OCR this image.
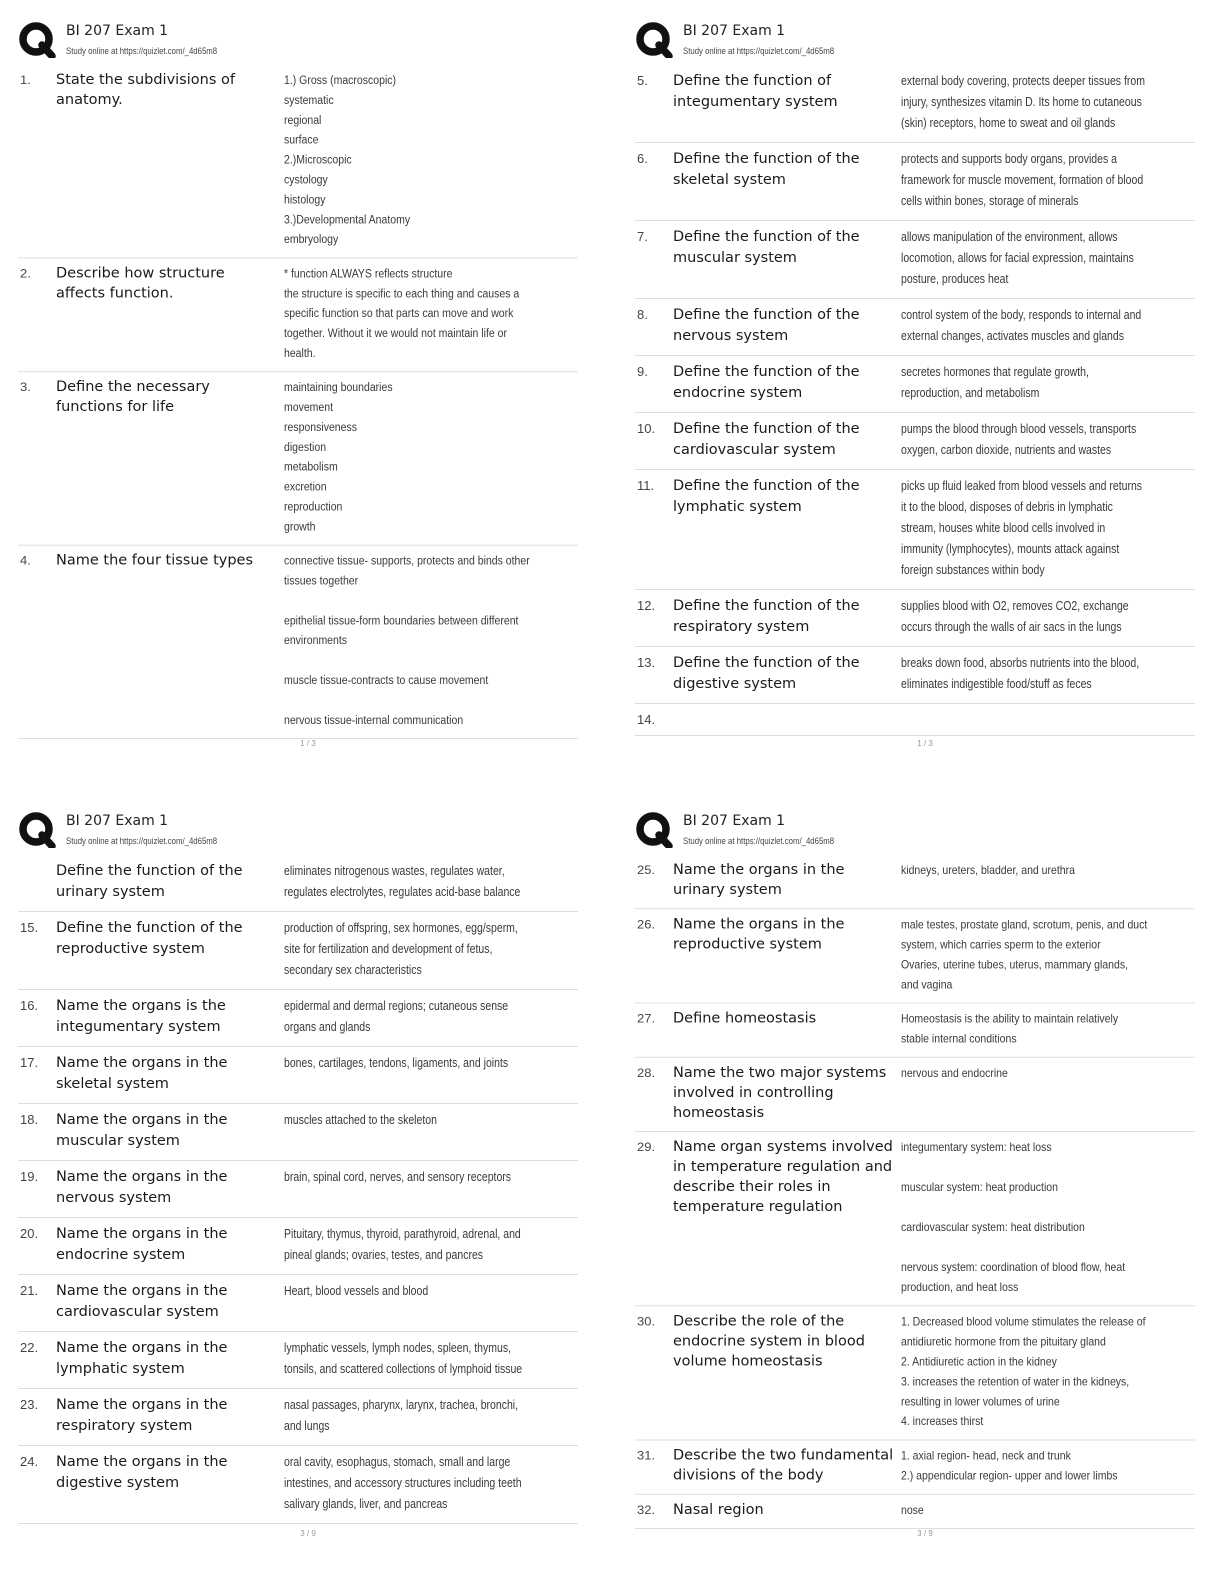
BI 207 Exam 1
Study online at https://quizlet.com/_4d65m8
1.	State the subdivisions of anatomy.
1.) Gross (macroscopic)
systematic
regional
surface
2.)Microscopic
cystology
histology
3.)Developmental Anatomy
embryology
2.	Describe how structure affects function.
* function ALWAYS reflects structure
the structure is specific to each thing and causes a specific function so that parts can move and work together. Without it we would not maintain life or health.
3.	Define the necessary functions for life
maintaining boundaries
movement
responsiveness
digestion
metabolism
excretion
reproduction
growth
4.	Name the four tissue types	connective tissue- supports, protects and binds other tissues together

epithelial tissue-form boundaries between different environments

muscle tissue-contracts to cause movement

nervous tissue-internal communication
1 / 3
BI 207 Exam 1
Study online at https://quizlet.com/_4d65m8
5.	Define the function of integumentary system
external body covering, protects deeper tissues from injury, synthesizes vitamin D. Its home to cutaneous (skin) receptors, home to sweat and oil glands
6.	Define the function of the skeletal system
protects and supports body organs, provides a framework for muscle movement, formation of blood cells within bones, storage of minerals
7.	Define the function of the muscular system
allows manipulation of the environment, allows locomotion, allows for facial expression, maintains posture, produces heat
8.	Define the function of the nervous system
control system of the body, responds to internal and external changes, activates muscles and glands
9.	Define the function of the endocrine system
secretes hormones that regulate growth, reproduction, and metabolism
10.	Define the function of the cardiovascular system
pumps the blood through blood vessels, transports oxygen, carbon dioxide, nutrients and wastes
11.	Define the function of the lymphatic system
picks up fluid leaked from blood vessels and returns it to the blood, disposes of debris in lymphatic stream, houses white blood cells involved in immunity (lymphocytes), mounts attack against foreign substances within body
12.	Define the function of the respiratory system
supplies blood with O2, removes CO2, exchange occurs through the walls of air sacs in the lungs
13.	Define the function of the digestive system
breaks down food, absorbs nutrients into the blood, eliminates indigestible food/stuff as feces
14.
1 / 3
BI 207 Exam 1
Study online at https://quizlet.com/_4d65m8
Define the function of the urinary system
eliminates nitrogenous wastes, regulates water, regulates electrolytes, regulates acid-base balance
15.	Define the function of the reproductive system
production of offspring, sex hormones, egg/sperm, site for fertilization and development of fetus, secondary sex characteristics
16.	Name the organs is the integumentary system
epidermal and dermal regions; cutaneous sense organs and glands
17.	Name the organs in the skeletal system
bones, cartilages, tendons, ligaments, and joints
18.	Name the organs in the muscular system
muscles attached to the skeleton
19.	Name the organs in the nervous system
brain, spinal cord, nerves, and sensory receptors
20.	Name the organs in the endocrine system
Pituitary, thymus, thyroid, parathyroid, adrenal, and pineal glands; ovaries, testes, and pancres
21.	Name the organs in the cardiovascular system
Heart, blood vessels and blood
22.	Name the organs in the lymphatic system
lymphatic vessels, lymph nodes, spleen, thymus, tonsils, and scattered collections of lymphoid tissue
23.	Name the organs in the respiratory system
nasal passages, pharynx, larynx, trachea, bronchi, and lungs
24.	Name the organs in the digestive system
oral cavity, esophagus, stomach, small and large intestines, and accessory structures including teeth salivary glands, liver, and pancreas
3 / 9
BI 207 Exam 1
Study online at https://quizlet.com/_4d65m8
25.	Name the organs in the urinary system
kidneys, ureters, bladder, and urethra
26.	Name the organs in the reproductive system
male testes, prostate gland, scrotum, penis, and duct system, which carries sperm to the exterior
Ovaries, uterine tubes, uterus, mammary glands, and vagina
27.	Define homeostasis	Homeostasis is the ability to maintain relatively stable internal conditions
28.	Name the two major systems involved in controlling homeostasis
nervous and endocrine
29.	Name organ systems involved in temperature regulation and describe their roles in temperature regulation
integumentary system: heat loss

muscular system: heat production

cardiovascular system: heat distribution

nervous system: coordination of blood flow, heat production, and heat loss
30.	Describe the role of the endocrine system in blood volume homeostasis
1. Decreased blood volume stimulates the release of antidiuretic hormone from the pituitary gland
2. Antidiuretic action in the kidney
3. increases the retention of water in the kidneys, resulting in lower volumes of urine
4. increases thirst
31.	Describe the two fundamental divisions of the body
1. axial region- head, neck and trunk
2.) appendicular region- upper and lower limbs
32.	Nasal region	nose
3 / 9
